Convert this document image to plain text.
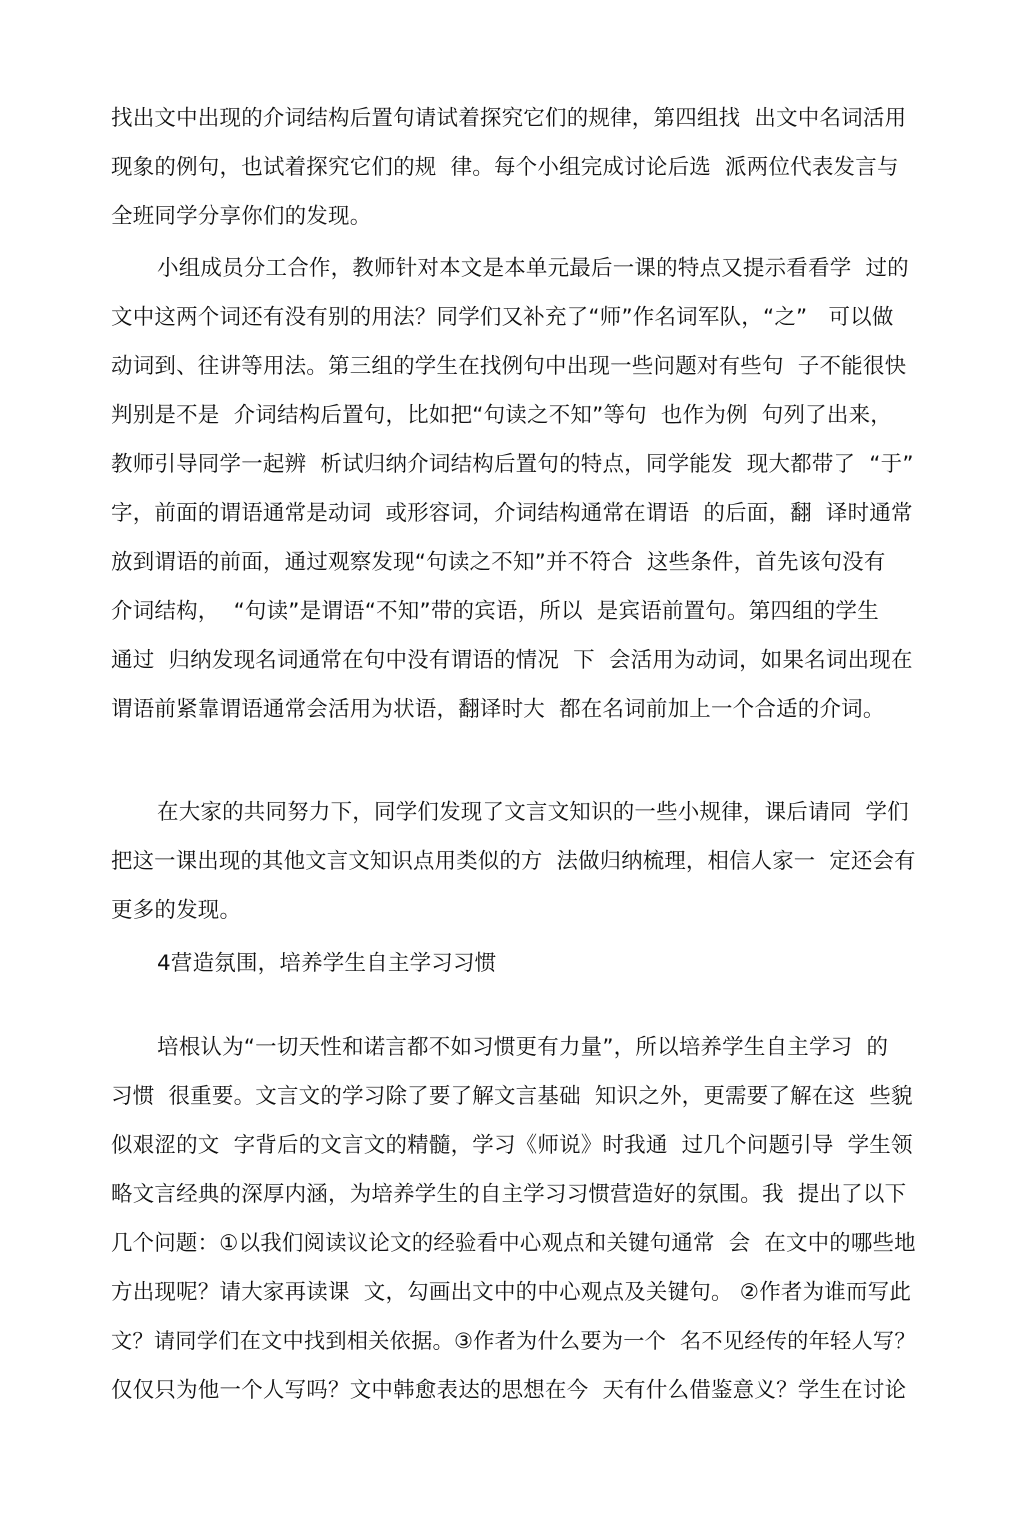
找出文中出现的介词结构后置句请试着探究它们的规律，第四组找  出文中名词活用
现象的例句，也试着探究它们的规  律。每个小组完成讨论后选  派两位代表发言与
全班同学分享你们的发现。
小组成员分工合作，教师针对本文是本单元最后一课的特点又提示看看学  过的
文中这两个词还有没有别的用法？同学们又补充了“师”作名词军队，“之”   可以做
动词到、往讲等用法。第三组的学生在找例句中出现一些问题对有些句  子不能很快
判别是不是  介词结构后置句，比如把“句读之不知”等句  也作为例  句列了出来，
教师引导同学一起辨  析试归纳介词结构后置句的特点，同学能发  现大都带了  “于”
字，前面的谓语通常是动词  或形容词，介词结构通常在谓语  的后面，翻  译时通常
放到谓语的前面，通过观察发现“句读之不知”并不符合  这些条件，首先该句没有
介词结构，  “句读”是谓语“不知”带的宾语，所以  是宾语前置句。第四组的学生
通过  归纳发现名词通常在句中没有谓语的情况  下  会活用为动词，如果名词出现在
谓语前紧靠谓语通常会活用为状语，翻译时大  都在名词前加上一个合适的介词。
在大家的共同努力下，同学们发现了文言文知识的一些小规律，课后请同  学们
把这一课出现的其他文言文知识点用类似的方  法做归纳梳理，相信人家一  定还会有
更多的发现。
4营造氛围，培养学生自主学习习惯
培根认为“一切天性和诺言都不如习惯更有力量”，所以培养学生自主学习  的
习惯  很重要。文言文的学习除了要了解文言基础  知识之外，更需要了解在这  些貌
似艰涩的文  字背后的文言文的精髓，学习《师说》时我通  过几个问题引导  学生领
略文言经典的深厚内涵，为培养学生的自主学习习惯营造好的氛围。我  提出了以下
几个问题：①以我们阅读议论文的经验看中心观点和关键句通常  会  在文中的哪些地
方出现呢？请大家再读课  文，勾画出文中的中心观点及关键句。 ②作者为谁而写此
文？请同学们在文中找到相关依据。③作者为什么要为一个  名不见经传的年轻人写？
仅仅只为他一个人写吗？文中韩愈表达的思想在今  天有什么借鉴意义？学生在讨论
